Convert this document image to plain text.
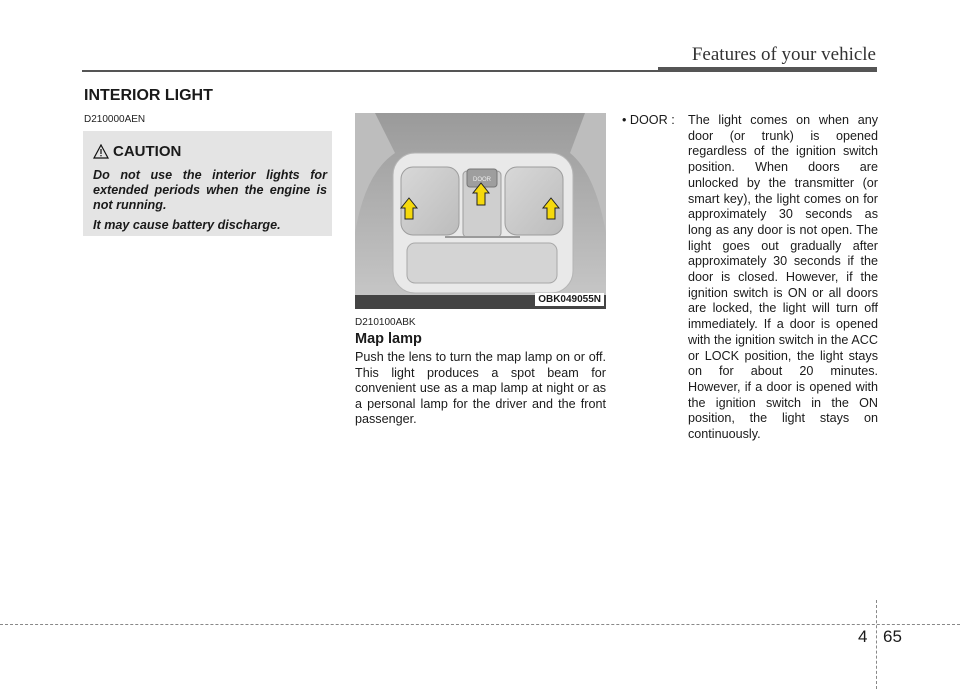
Features of your vehicle
INTERIOR LIGHT
D210000AEN
CAUTION

Do not use the interior lights for extended periods when the engine is not running.

It may cause battery discharge.

DOOR
OBK049055N
D210100ABK
Map lamp
Push the lens to turn the map lamp on or off. This light produces a spot beam for convenient use as a map lamp at night or as a personal lamp for the driver and the front passenger.
• DOOR : The light comes on when any door (or trunk) is opened regardless of the ignition switch position. When doors are unlocked by the transmitter (or smart key), the light comes on for approximately 30 seconds as long as any door is not open. The light goes out gradually after approximately 30 seconds if the door is closed. However, if the ignition switch is ON or all doors are locked, the light will turn off immediately. If a door is opened with the ignition switch in the ACC or LOCK position, the light stays on for about 20 minutes. However, if a door is opened with the ignition switch in the ON position, the light stays on continuously.
4 65
